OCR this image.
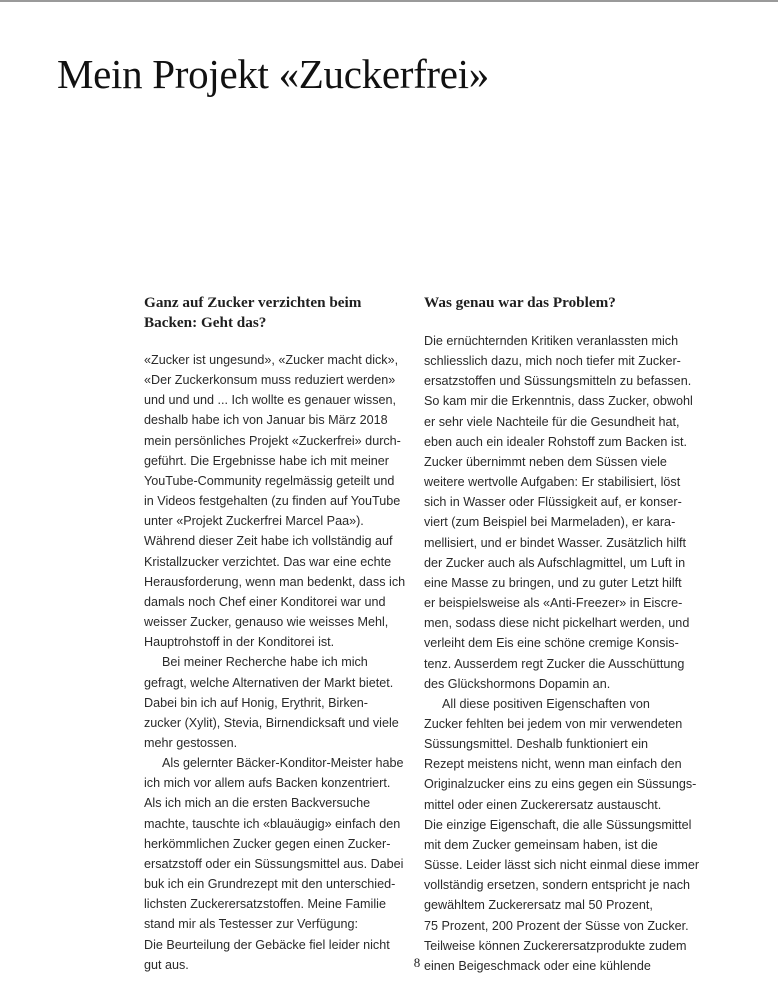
Mein Projekt «Zuckerfrei»
Ganz auf Zucker verzichten beim
Backen: Geht das?
«Zucker ist ungesund», «Zucker macht dick»,
«Der Zuckerkonsum muss reduziert werden»
und und und ... Ich wollte es genauer wissen,
deshalb habe ich von Januar bis März 2018
mein persönliches Projekt «Zuckerfrei» durch-
geführt. Die Ergebnisse habe ich mit meiner
YouTube-Community regelmässig geteilt und
in Videos festgehalten (zu finden auf YouTube
unter «Projekt Zuckerfrei Marcel Paa»).
Während dieser Zeit habe ich vollständig auf
Kristallzucker verzichtet. Das war eine echte
Herausforderung, wenn man bedenkt, dass ich
damals noch Chef einer Konditorei war und
weisser Zucker, genauso wie weisses Mehl,
Hauptrohstoff in der Konditorei ist.
Bei meiner Recherche habe ich mich
gefragt, welche Alternativen der Markt bietet.
Dabei bin ich auf Honig, Erythrit, Birken-
zucker (Xylit), Stevia, Birnendicksaft und viele
mehr gestossen.
Als gelernter Bäcker-Konditor-Meister habe
ich mich vor allem aufs Backen konzentriert.
Als ich mich an die ersten Backversuche
machte, tauschte ich «blauäugig» einfach den
herkömmlichen Zucker gegen einen Zucker-
ersatzstoff oder ein Süssungsmittel aus. Dabei
buk ich ein Grundrezept mit den unterschied-
lichsten Zuckerersatzstoffen. Meine Familie
stand mir als Testesser zur Verfügung:
Die Beurteilung der Gebäcke fiel leider nicht
gut aus.
Was genau war das Problem?
Die ernüchternden Kritiken veranlassten mich
schliesslich dazu, mich noch tiefer mit Zucker-
ersatzstoffen und Süssungsmitteln zu befassen.
So kam mir die Erkenntnis, dass Zucker, obwohl
er sehr viele Nachteile für die Gesundheit hat,
eben auch ein idealer Rohstoff zum Backen ist.
Zucker übernimmt neben dem Süssen viele
weitere wertvolle Aufgaben: Er stabilisiert, löst
sich in Wasser oder Flüssigkeit auf, er konser-
viert (zum Beispiel bei Marmeladen), er kara-
mellisiert, und er bindet Wasser. Zusätzlich hilft
der Zucker auch als Aufschlagmittel, um Luft in
eine Masse zu bringen, und zu guter Letzt hilft
er beispielsweise als «Anti-Freezer» in Eiscre-
men, sodass diese nicht pickelhart werden, und
verleiht dem Eis eine schöne cremige Konsis-
tenz. Ausserdem regt Zucker die Ausschüttung
des Glückshormons Dopamin an.
All diese positiven Eigenschaften von
Zucker fehlten bei jedem von mir verwendeten
Süssungsmittel. Deshalb funktioniert ein
Rezept meistens nicht, wenn man einfach den
Originalzucker eins zu eins gegen ein Süssungs-
mittel oder einen Zuckerersatz austauscht.
Die einzige Eigenschaft, die alle Süssungsmittel
mit dem Zucker gemeinsam haben, ist die
Süsse. Leider lässt sich nicht einmal diese immer
vollständig ersetzen, sondern entspricht je nach
gewähltem Zuckerersatz mal 50 Prozent,
75 Prozent, 200 Prozent der Süsse von Zucker.
Teilweise können Zuckerersatzprodukte zudem
einen Beigeschmack oder eine kühlende
8
